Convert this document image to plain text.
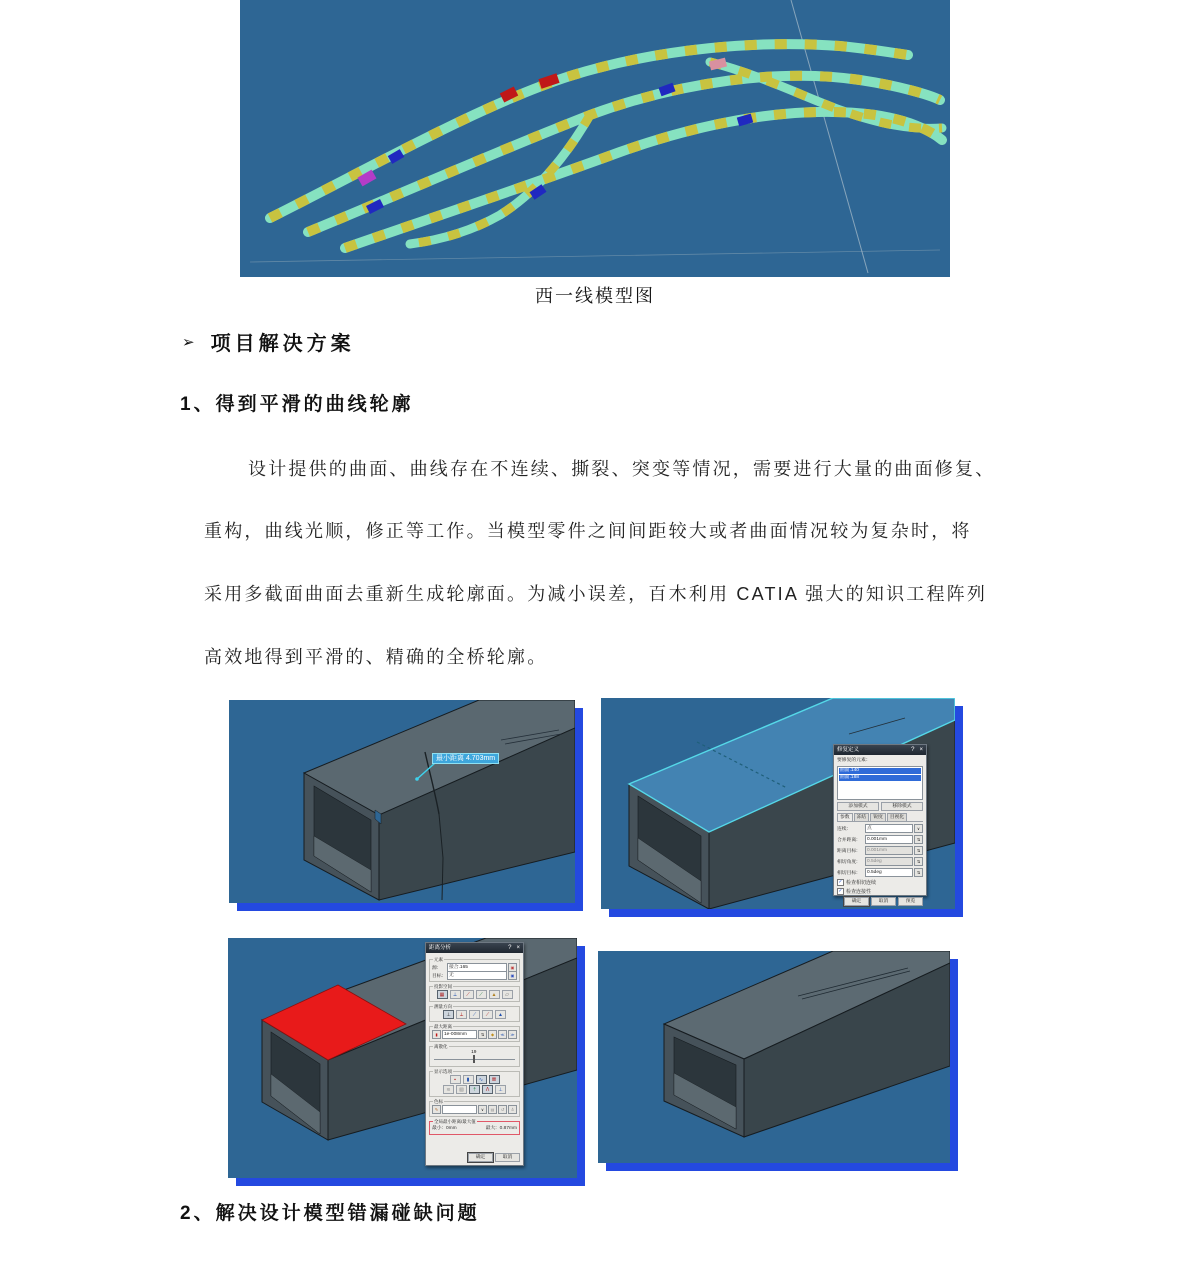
西一线模型图
➢ 项目解决方案
1、得到平滑的曲线轮廓
设计提供的曲面、曲线存在不连续、撕裂、突变等情况，需要进行大量的曲面修复、
重构，曲线光顺，修正等工作。当模型零件之间间距较大或者曲面情况较为复杂时，将
采用多截面曲面去重新生成轮廓面。为减小误差，百木利用 CATIA 强大的知识工程阵列
高效地得到平滑的、精确的全桥轮廓。
最小距离 4.703mm
修复定义	? ×
要修复的元素：
曲面.140
曲面.188
添加模式	移除模式
参数	冻结	锐度	目视化
连续:	点	∨
合并距离:	0.001mm	⇅
距离目标:	0.001mm	⇅
相切角度:	0.5deg	⇅
相切目标:	0.5deg	⇅
✓ 检查相切连续
✓ 检查连接性
确定	取消	预览
距离分析	? ×
元素
源:	接合.165	▣
目标:	无	▣
投影空间
▦	⟂	⟋	⟋	▲	▱
测量方向
⊥	⟂	⟋	⟋	▲
最大距离
▮	1e-008mm	⇅	◆	≪	≫
离散化
19
显示选项
▪	▮	∿	𝌆
≋	▧	⇡	Λ	⊥
色标
✎	∨	▤	↺	≙
全局最小距离/最大值
最小: 0mm	最大: 0.87mm
确定	取消
2、解决设计模型错漏碰缺问题
